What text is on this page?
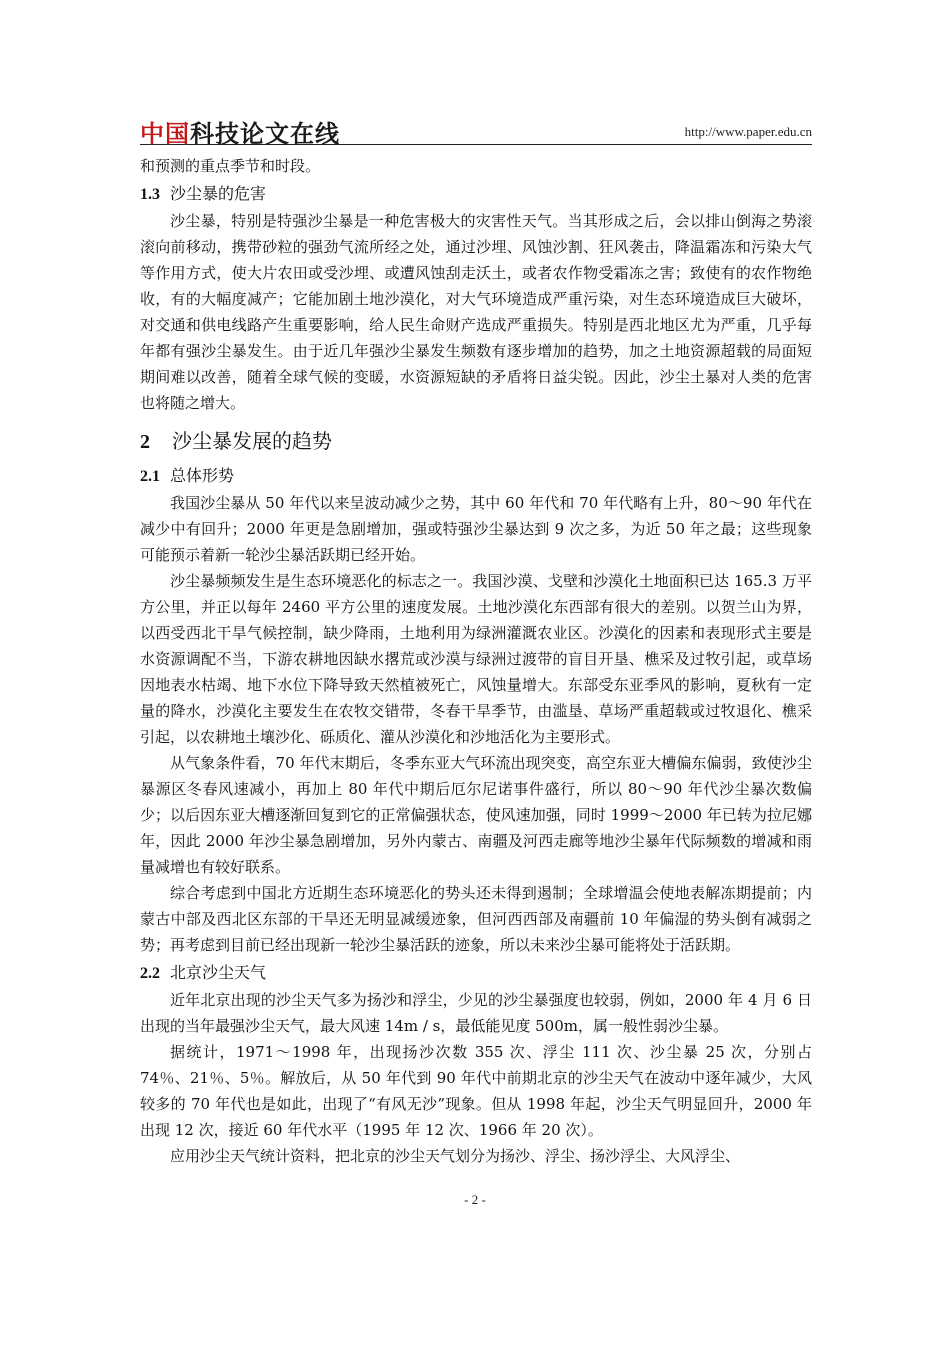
中国科技论文在线	http://www.paper.edu.cn

和预测的重点季节和时段。

1.3 沙尘暴的危害

沙尘暴，特别是特强沙尘暴是一种危害极大的灾害性天气。当其形成之后，会以排山倒海之势滚滚向前移动，携带砂粒的强劲气流所经之处，通过沙埋、风蚀沙割、狂风袭击，降温霜冻和污染大气等作用方式，使大片农田或受沙埋、或遭风蚀刮走沃土，或者农作物受霜冻之害；致使有的农作物绝收，有的大幅度减产；它能加剧土地沙漠化，对大气环境造成严重污染，对生态环境造成巨大破坏，对交通和供电线路产生重要影响，给人民生命财产选成严重损失。特别是西北地区尤为严重，几乎每年都有强沙尘暴发生。由于近几年强沙尘暴发生频数有逐步增加的趋势，加之土地资源超载的局面短期间难以改善，随着全球气候的变暖，水资源短缺的矛盾将日益尖锐。因此，沙尘土暴对人类的危害也将随之增大。

2 沙尘暴发展的趋势
2.1 总体形势

我国沙尘暴从 50 年代以来呈波动减少之势，其中 60 年代和 70 年代略有上升，80～90 年代在减少中有回升；2000 年更是急剧增加，强或特强沙尘暴达到 9 次之多，为近 50 年之最；这些现象可能预示着新一轮沙尘暴活跃期已经开始。

沙尘暴频频发生是生态环境恶化的标志之一。我国沙漠、戈壁和沙漠化土地面积已达 165.3 万平方公里，并正以每年 2460 平方公里的速度发展。土地沙漠化东西部有很大的差别。以贺兰山为界，以西受西北干旱气候控制，缺少降雨，土地利用为绿洲灌溉农业区。沙漠化的因素和表现形式主要是水资源调配不当，下游农耕地因缺水撂荒或沙漠与绿洲过渡带的盲目开垦、樵采及过牧引起，或草场因地表水枯竭、地下水位下降导致天然植被死亡，风蚀量增大。东部受东亚季风的影响，夏秋有一定量的降水，沙漠化主要发生在农牧交错带，冬春干旱季节，由滥垦、草场严重超载或过牧退化、樵采引起，以农耕地土壤沙化、砾质化、灌从沙漠化和沙地活化为主要形式。

从气象条件看，70 年代末期后，冬季东亚大气环流出现突变，高空东亚大槽偏东偏弱，致使沙尘暴源区冬春风速减小，再加上 80 年代中期后厄尔尼诺事件盛行，所以 80～90 年代沙尘暴次数偏少；以后因东亚大槽逐渐回复到它的正常偏强状态，使风速加强，同时 1999～2000 年已转为拉尼娜年，因此 2000 年沙尘暴急剧增加，另外内蒙古、南疆及河西走廊等地沙尘暴年代际频数的增减和雨量减增也有较好联系。

综合考虑到中国北方近期生态环境恶化的势头还未得到遏制；全球增温会使地表解冻期提前；内蒙古中部及西北区东部的干旱还无明显减缓迹象，但河西西部及南疆前 10 年偏湿的势头倒有减弱之势；再考虑到目前已经出现新一轮沙尘暴活跃的迹象，所以未来沙尘暴可能将处于活跃期。

2.2 北京沙尘天气

近年北京出现的沙尘天气多为扬沙和浮尘，少见的沙尘暴强度也较弱，例如，2000 年 4 月 6 日出现的当年最强沙尘天气，最大风速 14m / s，最低能见度 500m，属一般性弱沙尘暴。

据统计，1971～1998 年，出现扬沙次数 355 次、浮尘 111 次、沙尘暴 25 次，分别占 74％、21％、5％。解放后，从 50 年代到 90 年代中前期北京的沙尘天气在波动中逐年减少，大风较多的 70 年代也是如此，出现了“有风无沙”现象。但从 1998 年起，沙尘天气明显回升，2000 年出现 12 次，接近 60 年代水平（1995 年 12 次、1966 年 20 次）。

应用沙尘天气统计资料，把北京的沙尘天气划分为扬沙、浮尘、扬沙浮尘、大风浮尘、

- 2 -
